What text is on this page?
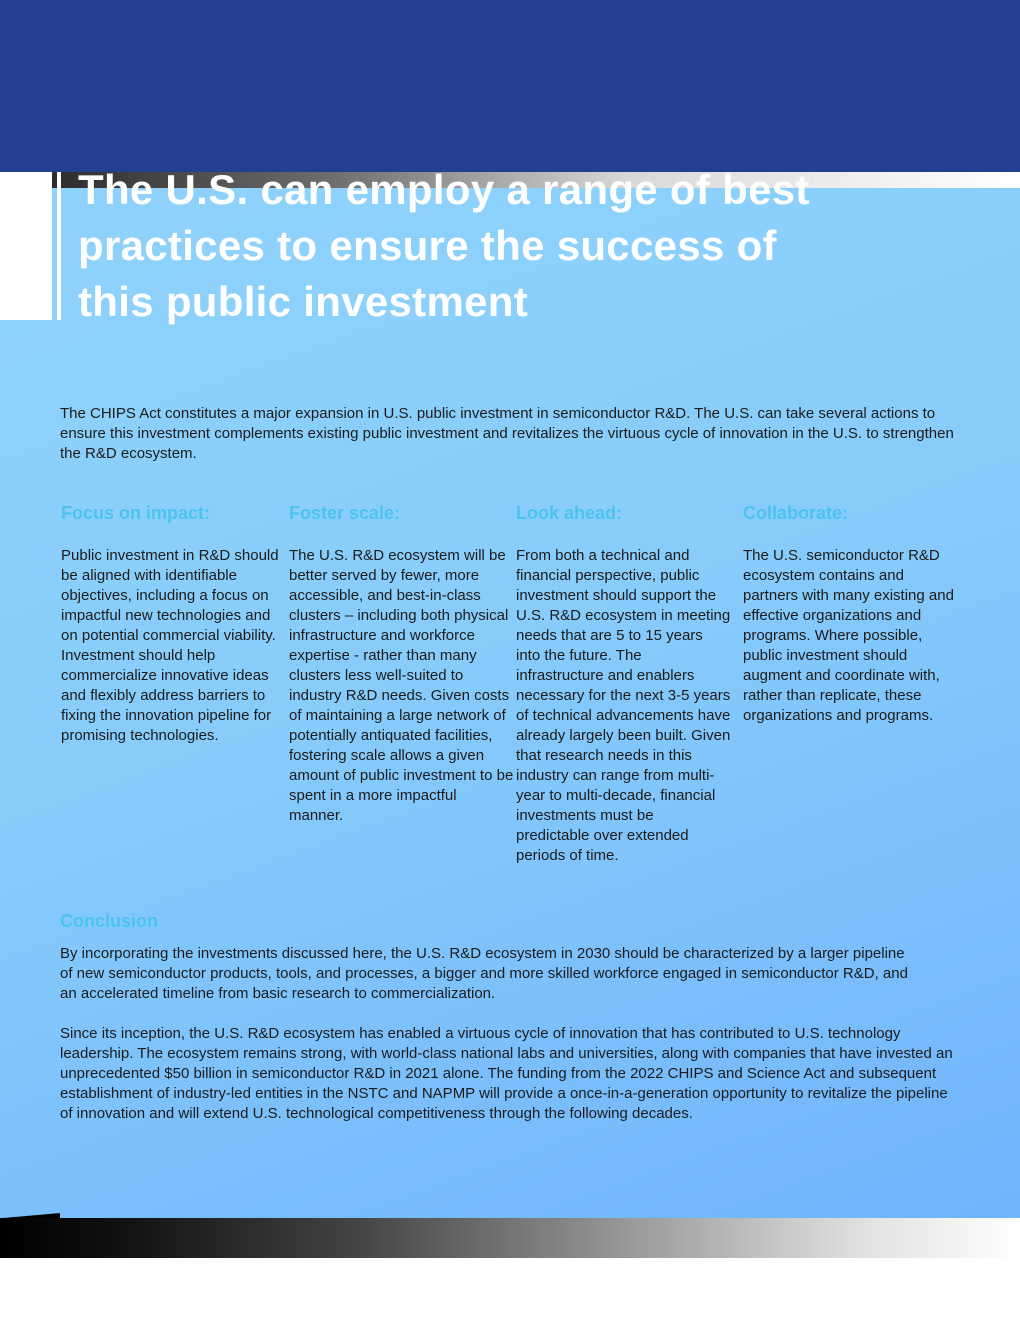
The U.S. can employ a range of best practices to ensure the success of this public investment

The CHIPS Act constitutes a major expansion in U.S. public investment in semiconductor R&D. The U.S. can take several actions to ensure this investment complements existing public investment and revitalizes the virtuous cycle of innovation in the U.S. to strengthen the R&D ecosystem.

Focus on impact:

Public investment in R&D should be aligned with identifiable objectives, including a focus on impactful new technologies and on potential commercial viability. Investment should help commercialize innovative ideas and flexibly address barriers to fixing the innovation pipeline for promising technologies.

Foster scale:

The U.S. R&D ecosystem will be better served by fewer, more accessible, and best-in-class clusters – including both physical infrastructure and workforce expertise - rather than many clusters less well-suited to industry R&D needs. Given costs of maintaining a large network of potentially antiquated facilities, fostering scale allows a given amount of public investment to be spent in a more impactful manner.

Look ahead:

From both a technical and financial perspective, public investment should support the U.S. R&D ecosystem in meeting needs that are 5 to 15 years into the future. The infrastructure and enablers necessary for the next 3-5 years of technical advancements have already largely been built. Given that research needs in this industry can range from multi-year to multi-decade, financial investments must be predictable over extended periods of time.

Collaborate:

The U.S. semiconductor R&D ecosystem contains and partners with many existing and effective organizations and programs. Where possible, public investment should augment and coordinate with, rather than replicate, these organizations and programs.

Conclusion

By incorporating the investments discussed here, the U.S. R&D ecosystem in 2030 should be characterized by a larger pipeline of new semiconductor products, tools, and processes, a bigger and more skilled workforce engaged in semiconductor R&D, and an accelerated timeline from basic research to commercialization.

Since its inception, the U.S. R&D ecosystem has enabled a virtuous cycle of innovation that has contributed to U.S. technology leadership. The ecosystem remains strong, with world-class national labs and universities, along with companies that have invested an unprecedented $50 billion in semiconductor R&D in 2021 alone. The funding from the 2022 CHIPS and Science Act and subsequent establishment of industry-led entities in the NSTC and NAPMP will provide a once-in-a-generation opportunity to revitalize the pipeline of innovation and will extend U.S. technological competitiveness through the following decades.
